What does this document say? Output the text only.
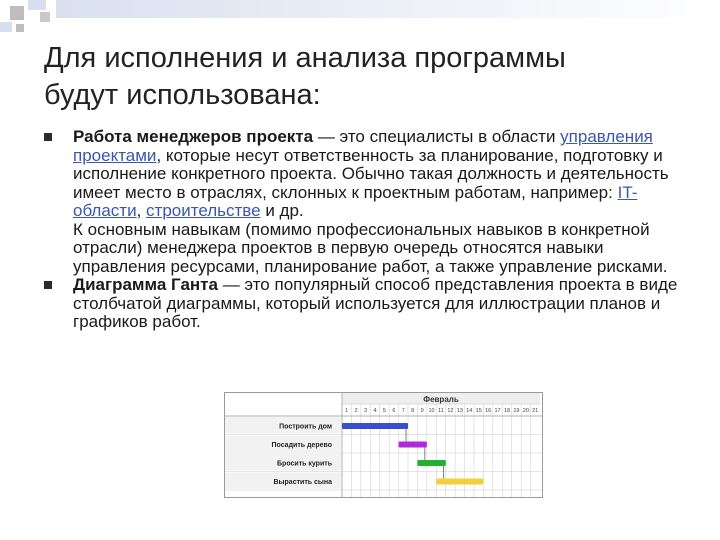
Для исполнения и анализа программы
будут использована:
Работа менеджеров проекта — это специалисты в области управления проектами, которые несут ответственность за планирование, подготовку и исполнение конкретного проекта. Обычно такая должность и деятельность имеет место в отраслях, склонных к проектным работам, например: IT-области, строительстве и др.
К основным навыкам (помимо профессиональных навыков в конкретной отрасли) менеджера проектов в первую очередь относятся навыки управления ресурсами, планирование работ, а также управление рисками.
Диаграмма Ганта — это популярный способ представления проекта в виде столбчатой диаграммы, который используется для иллюстрации планов и графиков работ.
Февраль
1 2 3 4 5 6 7 8 9 10 11 12 13 14 15 16 17 18 19 20 21
Построить дом
Посадить дерево
Бросить курить
Вырастить сына
